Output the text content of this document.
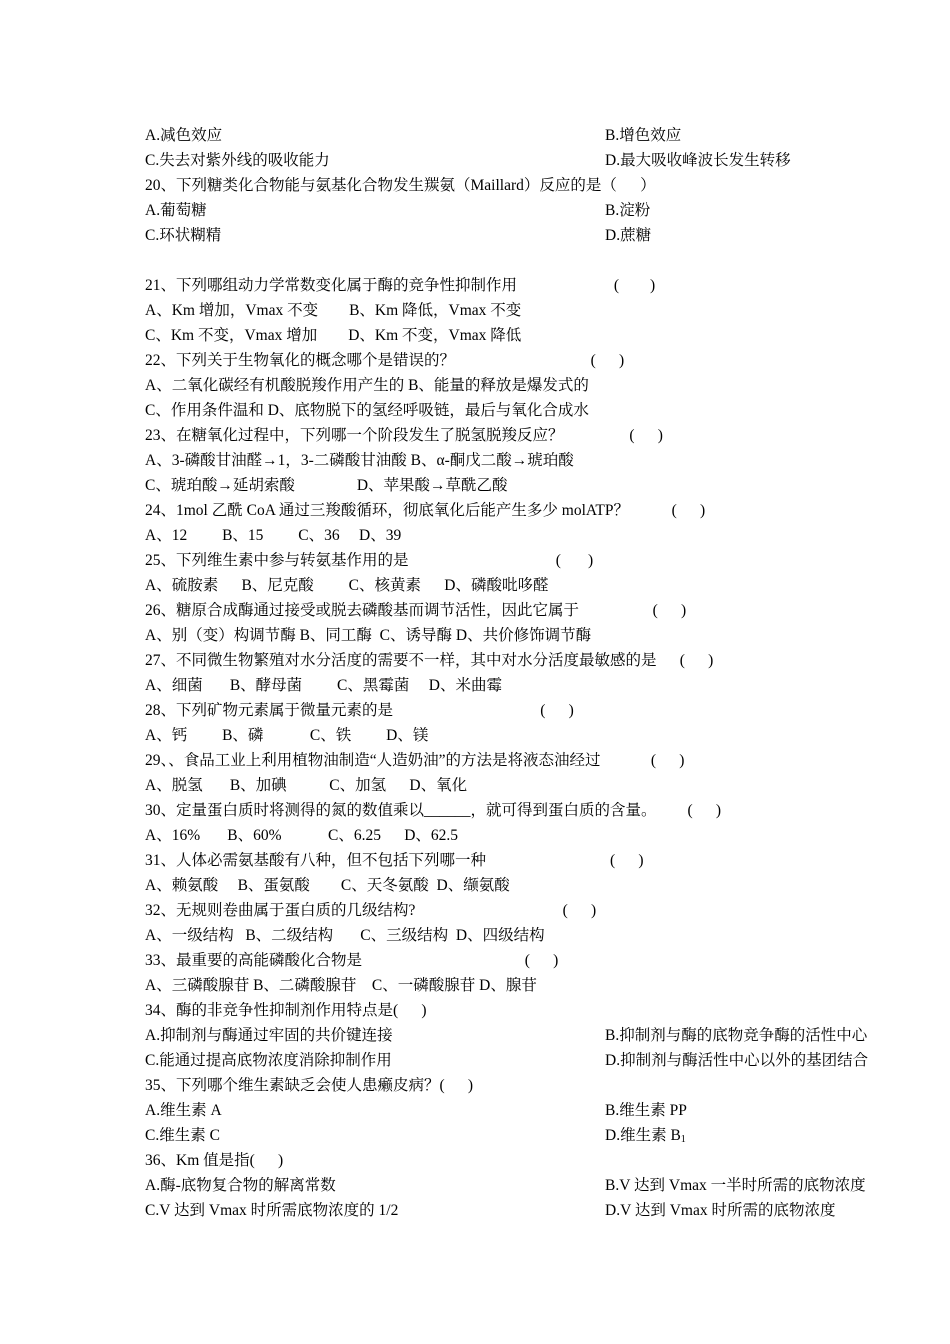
A.减色效应	B.增色效应
C.失去对紫外线的吸收能力	D.最大吸收峰波长发生转移
20、下列糖类化合物能与氨基化合物发生羰氨（Maillard）反应的是（      ）
A.葡萄糖	B.淀粉
C.环状糊精	D.蔗糖
21、下列哪组动力学常数变化属于酶的竞争性抑制作用                         (        )
A、Km 增加，Vmax 不变        B、Km 降低，Vmax 不变
C、Km 不变，Vmax 增加        D、Km 不变，Vmax 降低
22、下列关于生物氧化的概念哪个是错误的？                                   (      )
A、二氧化碳经有机酸脱羧作用产生的 B、能量的释放是爆发式的
C、作用条件温和 D、底物脱下的氢经呼吸链，最后与氧化合成水
23、在糖氧化过程中，下列哪一个阶段发生了脱氢脱羧反应？                 (      )
A、3-磷酸甘油醛→1，3-二磷酸甘油酸 B、α-酮戊二酸→琥珀酸
C、琥珀酸→延胡索酸                D、苹果酸→草酰乙酸
24、1mol 乙酰 CoA 通过三羧酸循环，彻底氧化后能产生多少 molATP？           (      )
A、12         B、15         C、36     D、39
25、下列维生素中参与转氨基作用的是                                      (       )
A、硫胺素      B、尼克酸         C、核黄素      D、磷酸吡哆醛
26、糖原合成酶通过接受或脱去磷酸基而调节活性，因此它属于                   (      )
A、别（变）构调节酶 B、同工酶  C、诱导酶 D、共价修饰调节酶
27、不同微生物繁殖对水分活度的需要不一样，其中对水分活度最敏感的是      (      )
A、细菌       B、酵母菌         C、黑霉菌     D、米曲霉
28、下列矿物元素属于微量元素的是                                      (      )
A、钙         B、磷            C、铁         D、镁
29、、食品工业上利用植物油制造“人造奶油”的方法是将液态油经过             (      )
A、脱氢       B、加碘           C、加氢      D、氧化
30、定量蛋白质时将测得的氮的数值乘以______，就可得到蛋白质的含量。        (      )
A、16%       B、60%            C、6.25      D、62.5
31、人体必需氨基酸有八种，但不包括下列哪一种                                (      )
A、赖氨酸     B、蛋氨酸        C、天冬氨酸  D、缬氨酸
32、无规则卷曲属于蛋白质的几级结构?                                      (      )
A、一级结构   B、二级结构       C、三级结构  D、四级结构
33、最重要的高能磷酸化合物是                                          (      )
A、三磷酸腺苷 B、二磷酸腺苷    C、一磷酸腺苷 D、腺苷
34、酶的非竞争性抑制剂作用特点是(      )
A.抑制剂与酶通过牢固的共价键连接	B.抑制剂与酶的底物竞争酶的活性中心
C.能通过提高底物浓度消除抑制作用	D.抑制剂与酶活性中心以外的基团结合
35、下列哪个维生素缺乏会使人患癞皮病？(      )
A.维生素 A	B.维生素 PP
C.维生素 C	D.维生素 $B_1$
36、Km 值是指(      )
A.酶-底物复合物的解离常数	B.V 达到 Vmax 一半时所需的底物浓度
C.V 达到 Vmax 时所需底物浓度的 1/2	D.V 达到 Vmax 时所需的底物浓度
